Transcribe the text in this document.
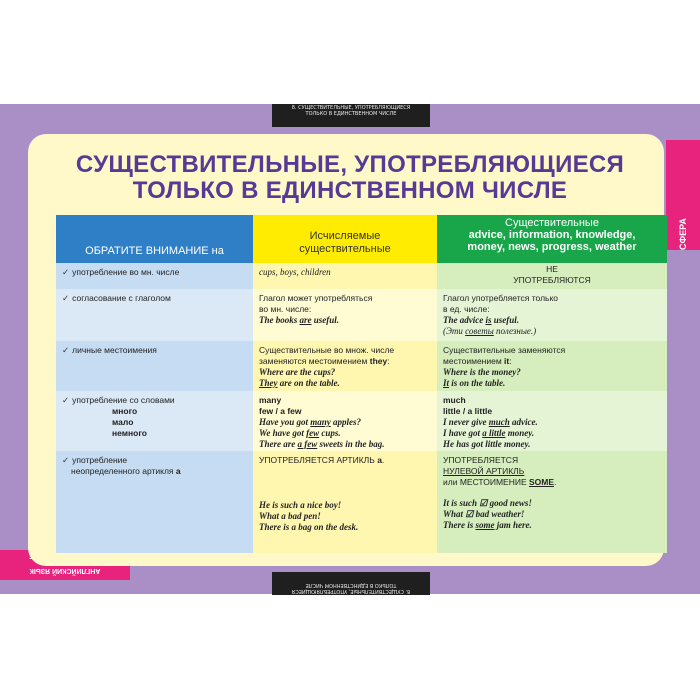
8. СУЩЕСТВИТЕЛЬНЫЕ, УПОТРЕБЛЯЮЩИЕСЯ
ТОЛЬКО В ЕДИНСТВЕННОМ ЧИСЛЕ
СФЕРА
АНГЛИЙСКИЙ ЯЗЫК
8. СУЩЕСТВИТЕЛЬНЫЕ, УПОТРЕБЛЯЮЩИЕСЯ
ТОЛЬКО В ЕДИНСТВЕННОМ ЧИСЛЕ
СУЩЕСТВИТЕЛЬНЫЕ, УПОТРЕБЛЯЮЩИЕСЯ
ТОЛЬКО В ЕДИНСТВЕННОМ ЧИСЛЕ
ОБРАТИТЕ ВНИМАНИЕ на
✓ употребление во мн. числе
✓ согласование с глаголом
✓ личные местоимения
✓ употребление со словами
много
мало
немного
✓ употребление
неопределенного артикля a
Исчисляемые
существительные
cups, boys, children
Глагол может употребляться
во мн. числе:
The books are useful.
Существительные во множ. числе
заменяются местоимением they:
Where are the cups?
They are on the table.
many
few / a few
Have you got many apples?
We have got few cups.
There are a few sweets in the bag.
УПОТРЕБЛЯЕТСЯ АРТИКЛЬ a.
He is such a nice boy!
What a bad pen!
There is a bag on the desk.
Существительные
advice, information, knowledge,
money, news, progress, weather
НЕ
УПОТРЕБЛЯЮТСЯ
Глагол употребляется только
в ед. числе:
The advice is useful.
(Эти советы полезные.)
Существительные заменяются
местоимением it:
Where is the money?
It is on the table.
much
little / a little
I never give much advice.
I have got a little money.
He has got little money.
УПОТРЕБЛЯЕТСЯ
НУЛЕВОЙ АРТИКЛЬ
или МЕСТОИМЕНИЕ SOME.
It is such ☑ good news!
What ☑ bad weather!
There is some jam here.
